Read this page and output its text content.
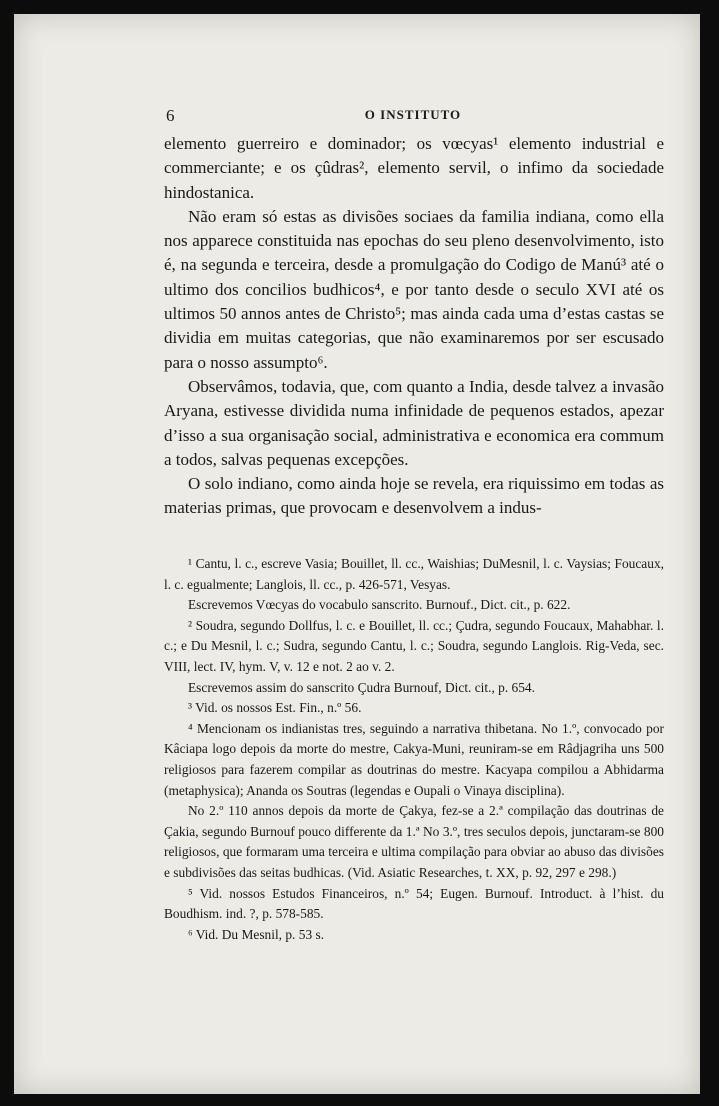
6	O INSTITUTO

elemento guerreiro e dominador; os vœcyas¹ elemento industrial e commerciante; e os çûdras², elemento servil, o infimo da sociedade hindostanica.

Não eram só estas as divisões sociaes da familia indiana, como ella nos apparece constituida nas epochas do seu pleno desenvolvimento, isto é, na segunda e terceira, desde a promulgação do Codigo de Manú³ até o ultimo dos concilios budhicos⁴, e por tanto desde o seculo XVI até os ultimos 50 annos antes de Christo⁵; mas ainda cada uma d’estas castas se dividia em muitas categorias, que não examinaremos por ser escusado para o nosso assumpto⁶.

Observâmos, todavia, que, com quanto a India, desde talvez a invasão Aryana, estivesse dividida numa infinidade de pequenos estados, apezar d’isso a sua organisação social, administrativa e economica era commum a todos, salvas pequenas excepções.

O solo indiano, como ainda hoje se revela, era riquissimo em todas as materias primas, que provocam e desenvolvem a indus-

¹ Cantu, l. c., escreve Vasia; Bouillet, ll. cc., Waishias; DuMesnil, l. c. Vaysias; Foucaux, l. c. egualmente; Langlois, ll. cc., p. 426-571, Vesyas.

Escrevemos Vœcyas do vocabulo sanscrito. Burnouf., Dict. cit., p. 622.

² Soudra, segundo Dollfus, l. c. e Bouillet, ll. cc.; Çudra, segundo Foucaux, Mahabhar. l. c.; e Du Mesnil, l. c.; Sudra, segundo Cantu, l. c.; Soudra, segundo Langlois. Rig-Veda, sec. VIII, lect. IV, hym. V, v. 12 e not. 2 ao v. 2.

Escrevemos assim do sanscrito Çudra Burnouf, Dict. cit., p. 654.

³ Vid. os nossos Est. Fin., n.º 56.

⁴ Mencionam os indianistas tres, seguindo a narrativa thibetana. No 1.º, convocado por Kâciapa logo depois da morte do mestre, Cakya-Muni, reuniram-se em Râdjagriha uns 500 religiosos para fazerem compilar as doutrinas do mestre. Kacyapa compilou a Abhidarma (metaphysica); Ananda os Soutras (legendas e Oupali o Vinaya disciplina).

No 2.º 110 annos depois da morte de Çakya, fez-se a 2.ª compilação das doutrinas de Çakia, segundo Burnouf pouco differente da 1.ª No 3.º, tres seculos depois, junctaram-se 800 religiosos, que formaram uma terceira e ultima compilação para obviar ao abuso das divisões e subdivisões das seitas budhicas. (Vid. Asiatic Researches, t. XX, p. 92, 297 e 298.)

⁵ Vid. nossos Estudos Financeiros, n.º 54; Eugen. Burnouf. Introduct. à l’hist. du Boudhism. ind. ?, p. 578-585.

⁶ Vid. Du Mesnil, p. 53 s.
